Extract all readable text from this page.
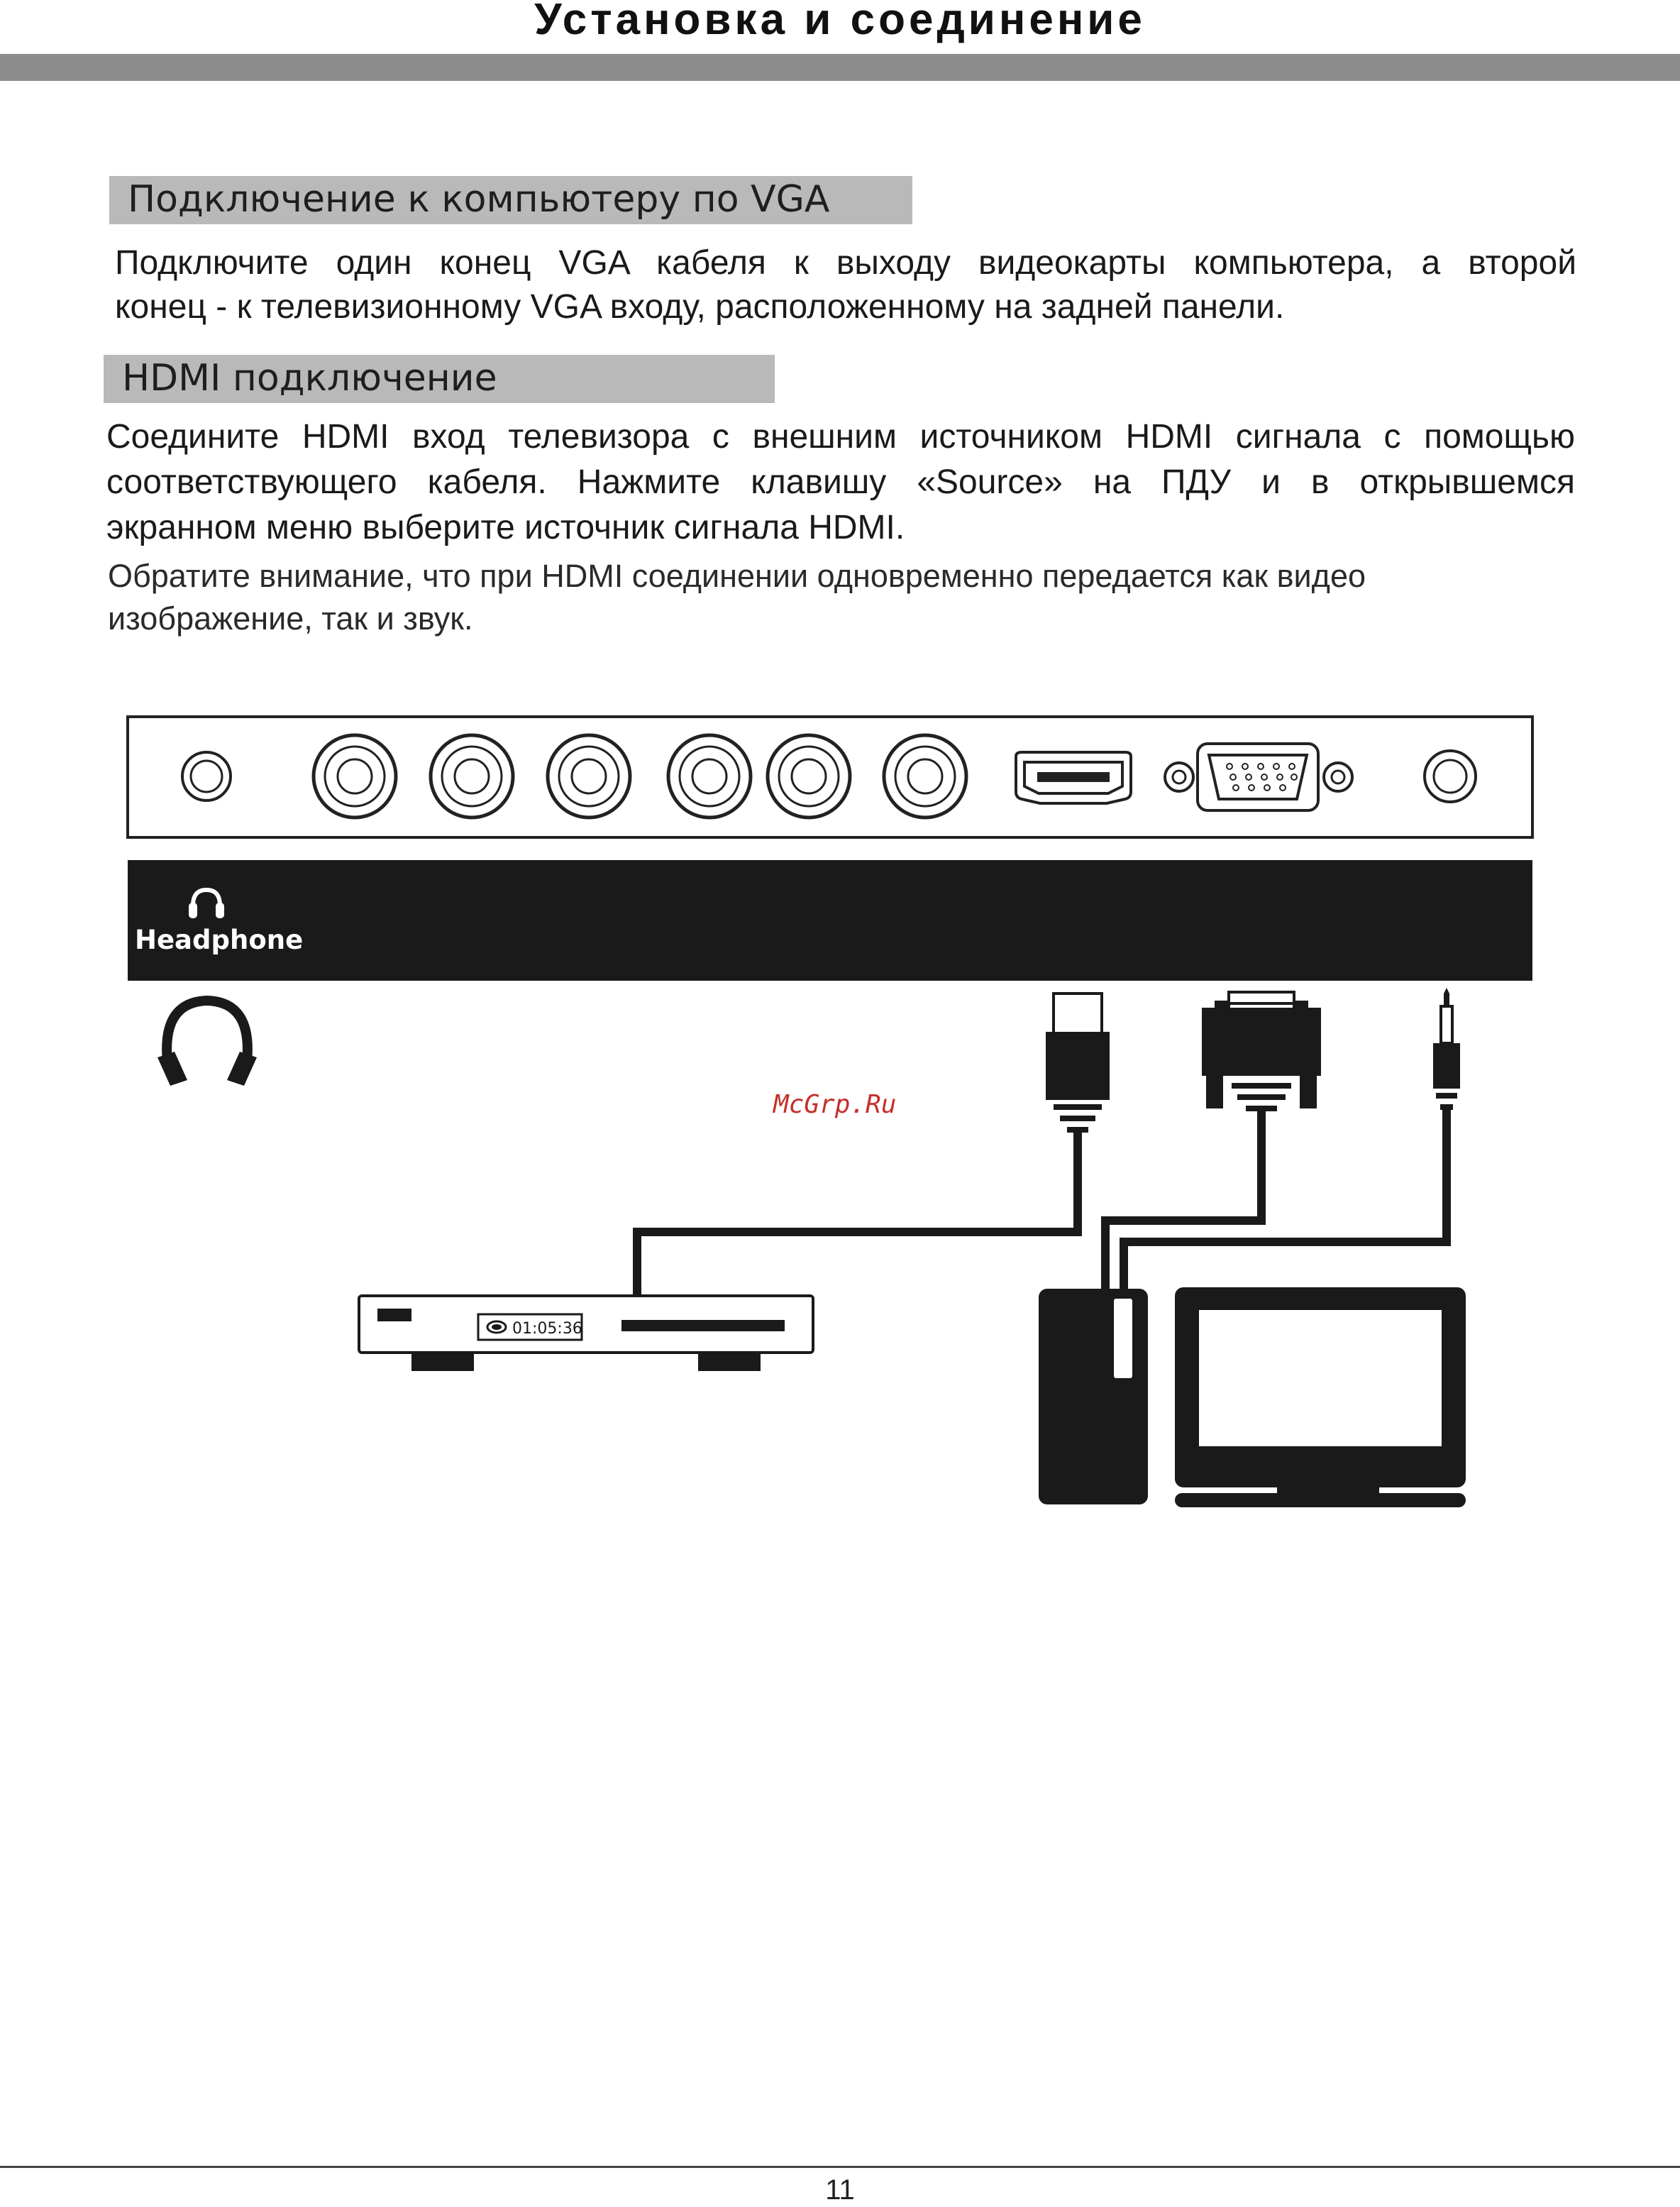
Установка и соединение
Подключение к компьютеру по VGA
Подключите один конец VGA кабеля к выходу видеокарты компьютера, а второй
конец - к телевизионному VGA входу, расположенному на задней панели.
HDMI подключение
Соедините HDMI вход телевизора с внешним источником HDMI сигнала с помощью
соответствующего кабеля. Нажмите клавишу «Source» на ПДУ и в открывшемся
экранном меню выберите источник сигнала HDMI.
Обратите внимание, что при HDMI соединении одновременно передается как видео
изображение, так и звук.
Headphone
01:05:36
McGrp.Ru
11
